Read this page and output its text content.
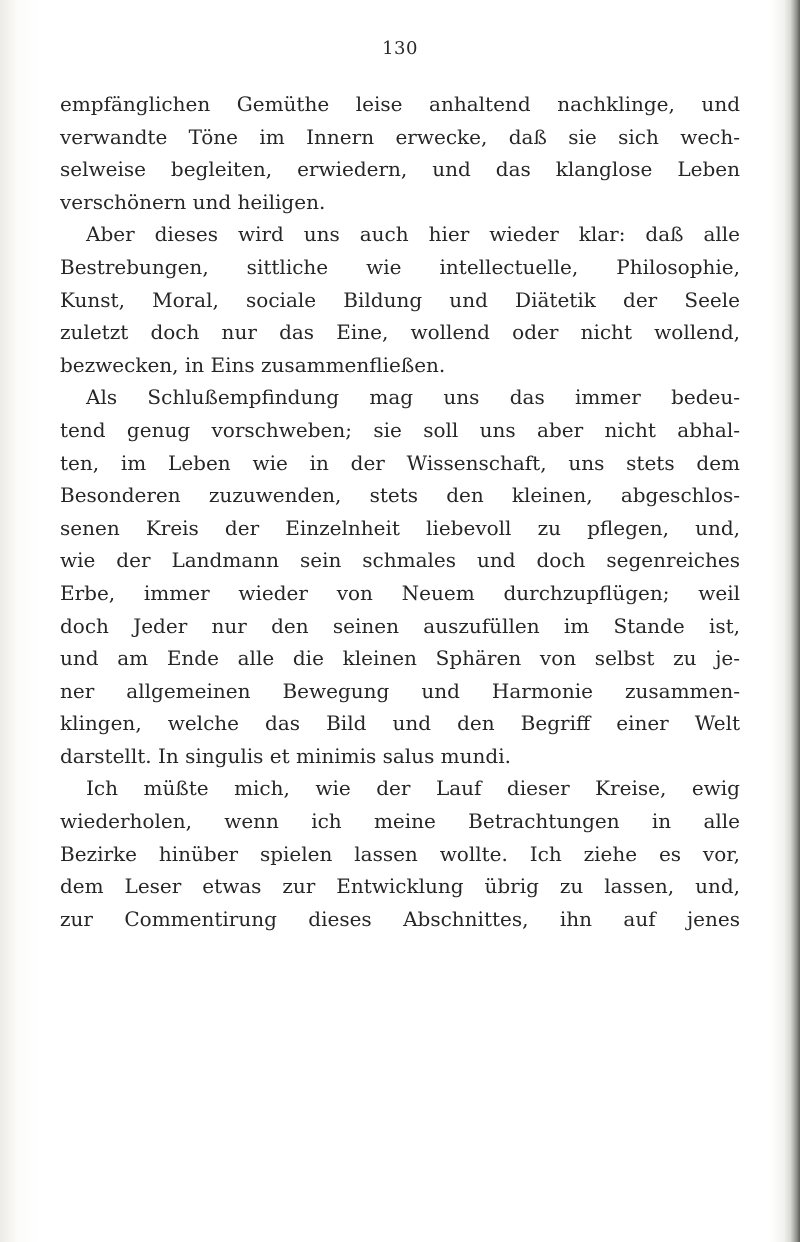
130
empfänglichen Gemüthe leise anhaltend nachklinge, und
verwandte Töne im Innern erwecke, daß sie sich wech-
selweise begleiten, erwiedern, und das klanglose Leben
verschönern und heiligen.
Aber dieses wird uns auch hier wieder klar: daß alle
Bestrebungen, sittliche wie intellectuelle, Philosophie,
Kunst, Moral, sociale Bildung und Diätetik der Seele
zuletzt doch nur das Eine, wollend oder nicht wollend,
bezwecken, in Eins zusammenfließen.
Als Schlußempfindung mag uns das immer bedeu-
tend genug vorschweben; sie soll uns aber nicht abhal-
ten, im Leben wie in der Wissenschaft, uns stets dem
Besonderen zuzuwenden, stets den kleinen, abgeschlos-
senen Kreis der Einzelnheit liebevoll zu pflegen, und,
wie der Landmann sein schmales und doch segenreiches
Erbe, immer wieder von Neuem durchzupflügen; weil
doch Jeder nur den seinen auszufüllen im Stande ist,
und am Ende alle die kleinen Sphären von selbst zu je-
ner allgemeinen Bewegung und Harmonie zusammen-
klingen, welche das Bild und den Begriff einer Welt
darstellt. In singulis et minimis salus mundi.
Ich müßte mich, wie der Lauf dieser Kreise, ewig
wiederholen, wenn ich meine Betrachtungen in alle
Bezirke hinüber spielen lassen wollte. Ich ziehe es vor,
dem Leser etwas zur Entwicklung übrig zu lassen, und,
zur Commentirung dieses Abschnittes, ihn auf jenes
